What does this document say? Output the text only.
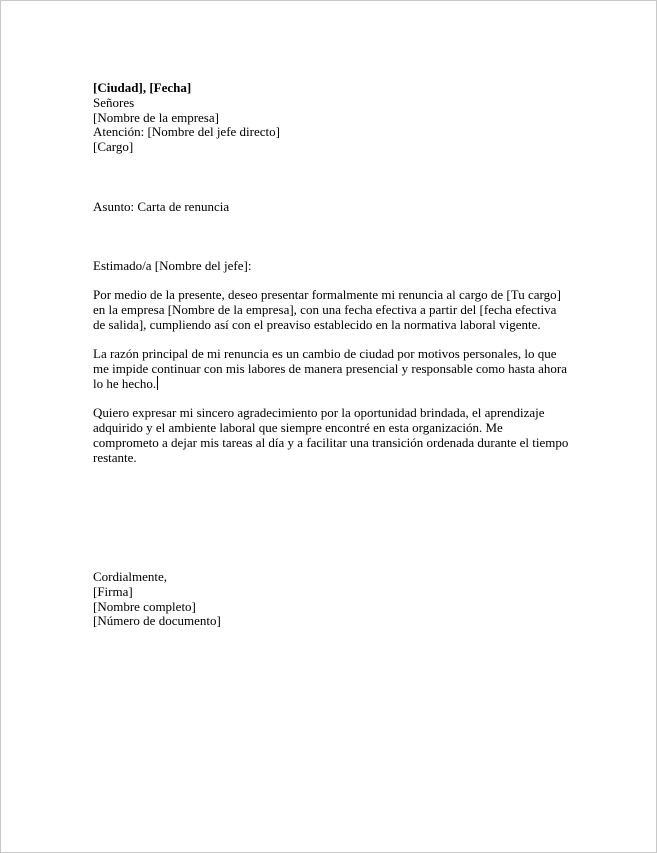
[Ciudad], [Fecha]
Señores
[Nombre de la empresa]
Atención: [Nombre del jefe directo]
[Cargo]
Asunto: Carta de renuncia
Estimado/a [Nombre del jefe]:
Por medio de la presente, deseo presentar formalmente mi renuncia al cargo de [Tu cargo]
en la empresa [Nombre de la empresa], con una fecha efectiva a partir del [fecha efectiva
de salida], cumpliendo así con el preaviso establecido en la normativa laboral vigente.
La razón principal de mi renuncia es un cambio de ciudad por motivos personales, lo que
me impide continuar con mis labores de manera presencial y responsable como hasta ahora
lo he hecho.
Quiero expresar mi sincero agradecimiento por la oportunidad brindada, el aprendizaje
adquirido y el ambiente laboral que siempre encontré en esta organización. Me
comprometo a dejar mis tareas al día y a facilitar una transición ordenada durante el tiempo
restante.
Cordialmente,
[Firma]
[Nombre completo]
[Número de documento]
